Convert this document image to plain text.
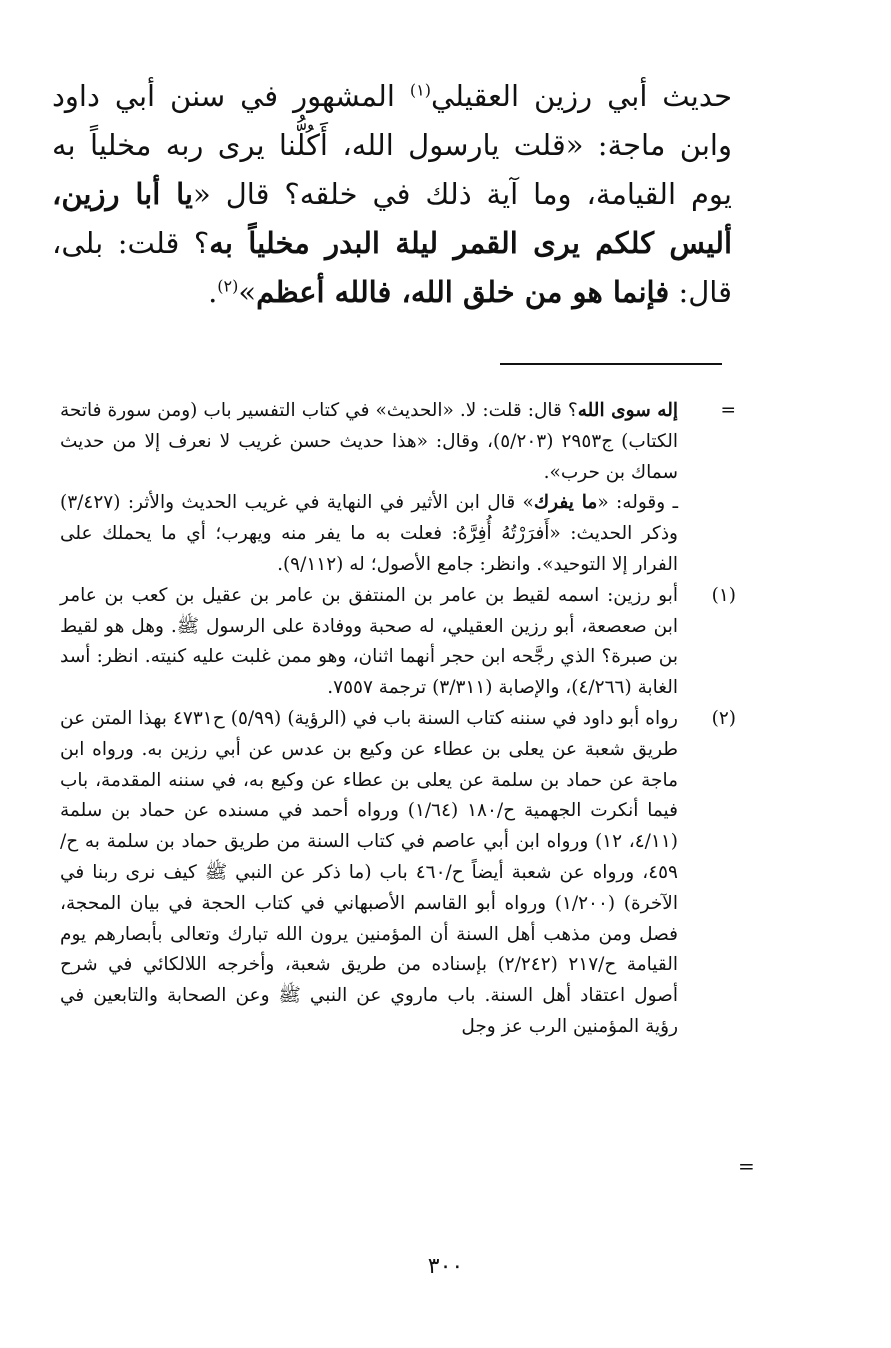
حديث أبي رزين العقيلي$^{(١)}$ المشهور في سنن أبي داود وابن ماجة: «قلت يارسول الله، أَكُلُّنا يرى ربه مخلياً به يوم القيامة، وما آية ذلك في خلقه؟ قال «يا أبا رزين، أليس كلكم يرى القمر ليلة البدر مخلياً به؟ قلت: بلى، قال: فإنما هو من خلق الله، فالله أعظم»$^{(٢)}$.
=
إله سوى الله؟ قال: قلت: لا. «الحديث» في كتاب التفسير باب (ومن سورة فاتحة الكتاب) ج٢٩٥٣ (٥/٢٠٣)، وقال: «هذا حديث حسن غريب لا نعرف إلا من حديث سماك بن حرب».
ـ وقوله: «ما يفرك» قال ابن الأثير في النهاية في غريب الحديث والأثر: (٣/٤٢٧) وذكر الحديث: «أَفرَرْتُهُ أُفِرَّهُ: فعلت به ما يفر منه ويهرب؛ أي ما يحملك على الفرار إلا التوحيد». وانظر: جامع الأصول؛ له (٩/١١٢).
(١)
أبو رزين: اسمه لقيط بن عامر بن المنتفق بن عامر بن عقيل بن كعب بن عامر ابن صعصعة، أبو رزين العقيلي، له صحبة ووفادة على الرسول ﷺ. وهل هو لقيط بن صبرة؟ الذي رجَّحه ابن حجر أنهما اثنان، وهو ممن غلبت عليه كنيته. انظر: أسد الغابة (٤/٢٦٦)، والإصابة (٣/٣١١) ترجمة ٧٥٥٧.
(٢)
رواه أبو داود في سننه كتاب السنة باب في (الرؤية) (٥/٩٩) ح٤٧٣١ بهذا المتن عن طريق شعبة عن يعلى بن عطاء عن وكيع بن عدس عن أبي رزين به. ورواه ابن ماجة عن حماد بن سلمة عن يعلى بن عطاء عن وكيع به، في سننه المقدمة، باب فيما أنكرت الجهمية ح/١٨٠ (١/٦٤) ورواه أحمد في مسنده عن حماد بن سلمة (٤/١١، ١٢) ورواه ابن أبي عاصم في كتاب السنة من طريق حماد بن سلمة به ح/٤٥٩، ورواه عن شعبة أيضاً ح/٤٦٠ باب (ما ذكر عن النبي ﷺ كيف نرى ربنا في الآخرة) (١/٢٠٠) ورواه أبو القاسم الأصبهاني في كتاب الحجة في بيان المحجة، فصل ومن مذهب أهل السنة أن المؤمنين يرون الله تبارك وتعالى بأبصارهم يوم القيامة ح/٢١٧ (٢/٢٤٢) بإسناده من طريق شعبة، وأخرجه اللالكائي في شرح أصول اعتقاد أهل السنة. باب ماروي عن النبي ﷺ وعن الصحابة والتابعين في رؤية المؤمنين الرب عز وجل
=
٣٠٠
